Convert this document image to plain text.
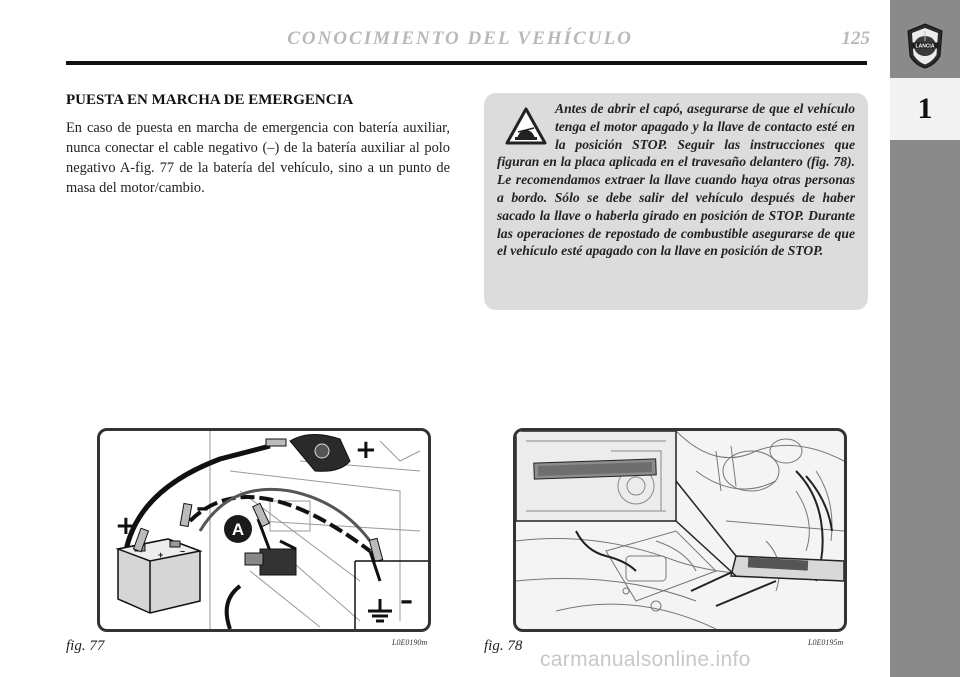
CONOCIMIENTO DEL VEHÍCULO	125	LANCIA
1
PUESTA EN MARCHA DE EMERGENCIA

En caso de puesta en marcha de emergencia con batería auxiliar, nunca conectar el cable negativo (–) de la batería auxiliar al polo negativo A-fig. 77 de la batería del vehículo, sino a un punto de masa del motor/cambio.

Antes de abrir el capó, asegurarse de que el vehículo tenga el motor apagado y la llave de contacto esté en la posición STOP. Seguir las instrucciones que figuran en la placa aplicada en el travesaño delantero (fig. 78). Le recomendamos extraer la llave cuando haya otras personas a bordo. Sólo se debe salir del vehículo después de haber sacado la llave o haberla girado en posición de STOP. Durante las operaciones de repostado de combustible asegurarse de que el vehículo esté apagado con la llave en posición de STOP.

+ –
+
+
–
–
A
fig. 77	L0E0190m	fig. 78	L0E0195m
carmanualsonline.info
